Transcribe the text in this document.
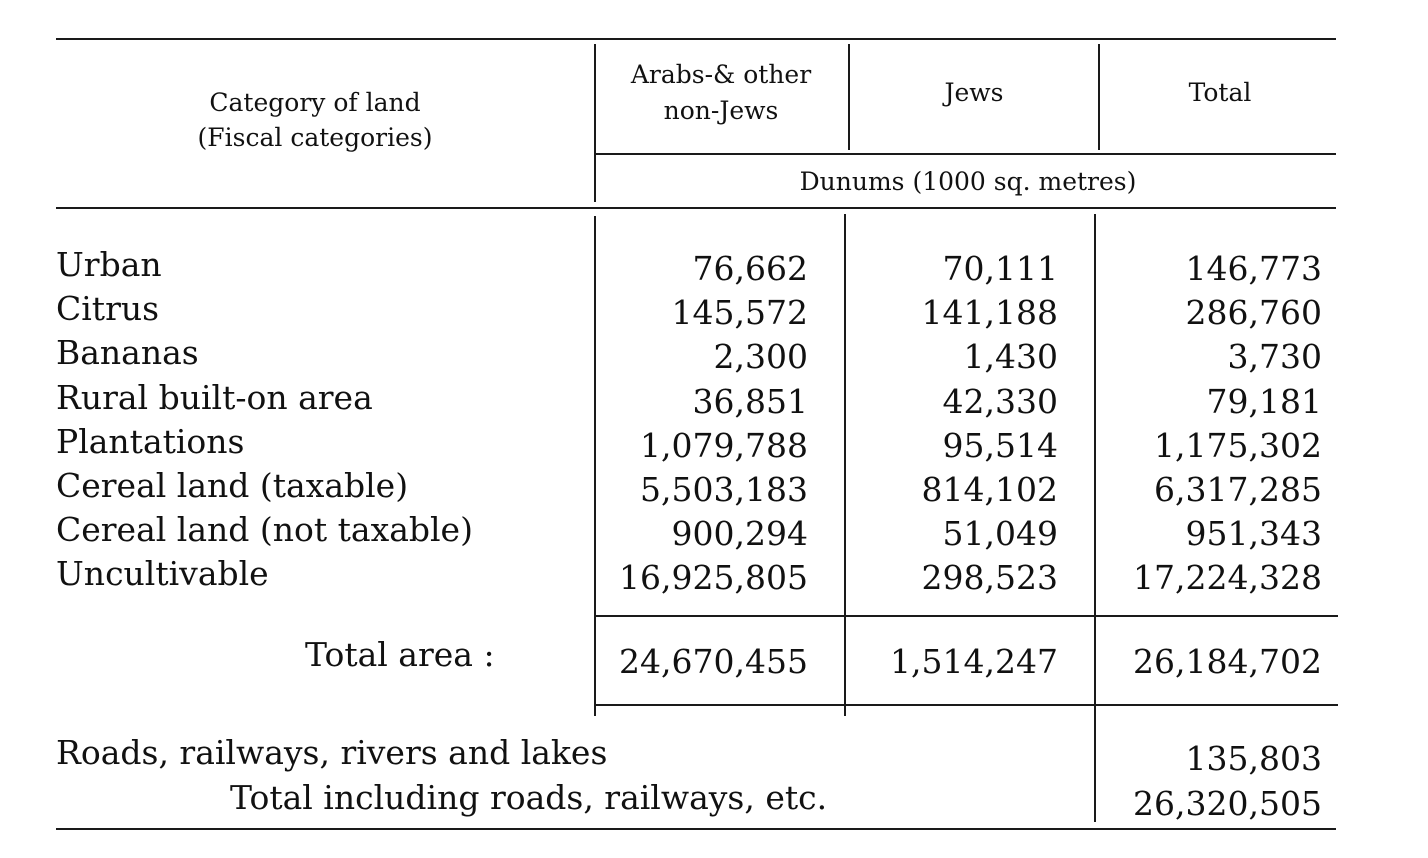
Category of land
(Fiscal categories)
Arabs-& other
non-Jews
Jews	Total
Dunums (1000 sq. metres)
Urban	76,662	70,111	146,773
Citrus	145,572	141,188	286,760
Bananas	2,300	1,430	3,730
Rural built-on area	36,851	42,330	79,181
Plantations	1,079,788	95,514	1,175,302
Cereal land (taxable)	5,503,183	814,102	6,317,285
Cereal land (not taxable)	900,294	51,049	951,343
Uncultivable	16,925,805	298,523 17,224,328
Total area :	24,670,455 1,514,247 26,184,702
Roads, railways, rivers and lakes	135,803
Total including roads, railways, etc.	26,320,505
